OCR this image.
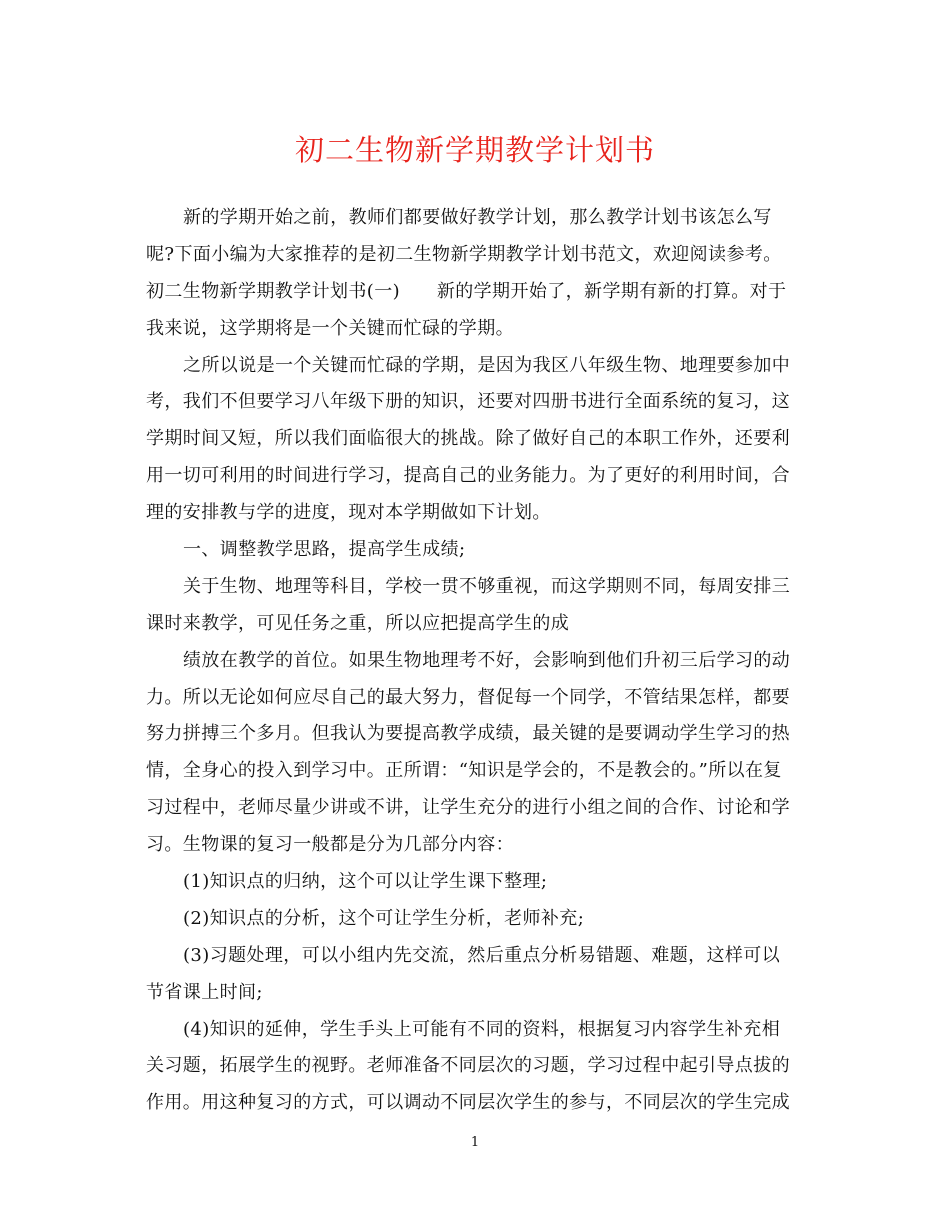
初二生物新学期教学计划书
新的学期开始之前，教师们都要做好教学计划，那么教学计划书该怎么写
呢?下面小编为大家推荐的是初二生物新学期教学计划书范文，欢迎阅读参考。
初二生物新学期教学计划书(一)　　新的学期开始了，新学期有新的打算。对于
我来说，这学期将是一个关键而忙碌的学期。
之所以说是一个关键而忙碌的学期，是因为我区八年级生物、地理要参加中
考，我们不但要学习八年级下册的知识，还要对四册书进行全面系统的复习，这
学期时间又短，所以我们面临很大的挑战。除了做好自己的本职工作外，还要利
用一切可利用的时间进行学习，提高自己的业务能力。为了更好的利用时间，合
理的安排教与学的进度，现对本学期做如下计划。
一、调整教学思路，提高学生成绩;
关于生物、地理等科目，学校一贯不够重视，而这学期则不同，每周安排三
课时来教学，可见任务之重，所以应把提高学生的成
绩放在教学的首位。如果生物地理考不好，会影响到他们升初三后学习的动
力。所以无论如何应尽自己的最大努力，督促每一个同学，不管结果怎样，都要
努力拼搏三个多月。但我认为要提高教学成绩，最关键的是要调动学生学习的热
情，全身心的投入到学习中。正所谓：“知识是学会的，不是教会的。”所以在复
习过程中，老师尽量少讲或不讲，让学生充分的进行小组之间的合作、讨论和学
习。生物课的复习一般都是分为几部分内容：
(1)知识点的归纳，这个可以让学生课下整理;
(2)知识点的分析，这个可让学生分析，老师补充;
(3)习题处理，可以小组内先交流，然后重点分析易错题、难题，这样可以
节省课上时间;
(4)知识的延伸，学生手头上可能有不同的资料，根据复习内容学生补充相
关习题，拓展学生的视野。老师准备不同层次的习题，学习过程中起引导点拔的
作用。用这种复习的方式，可以调动不同层次学生的参与，不同层次的学生完成
1
